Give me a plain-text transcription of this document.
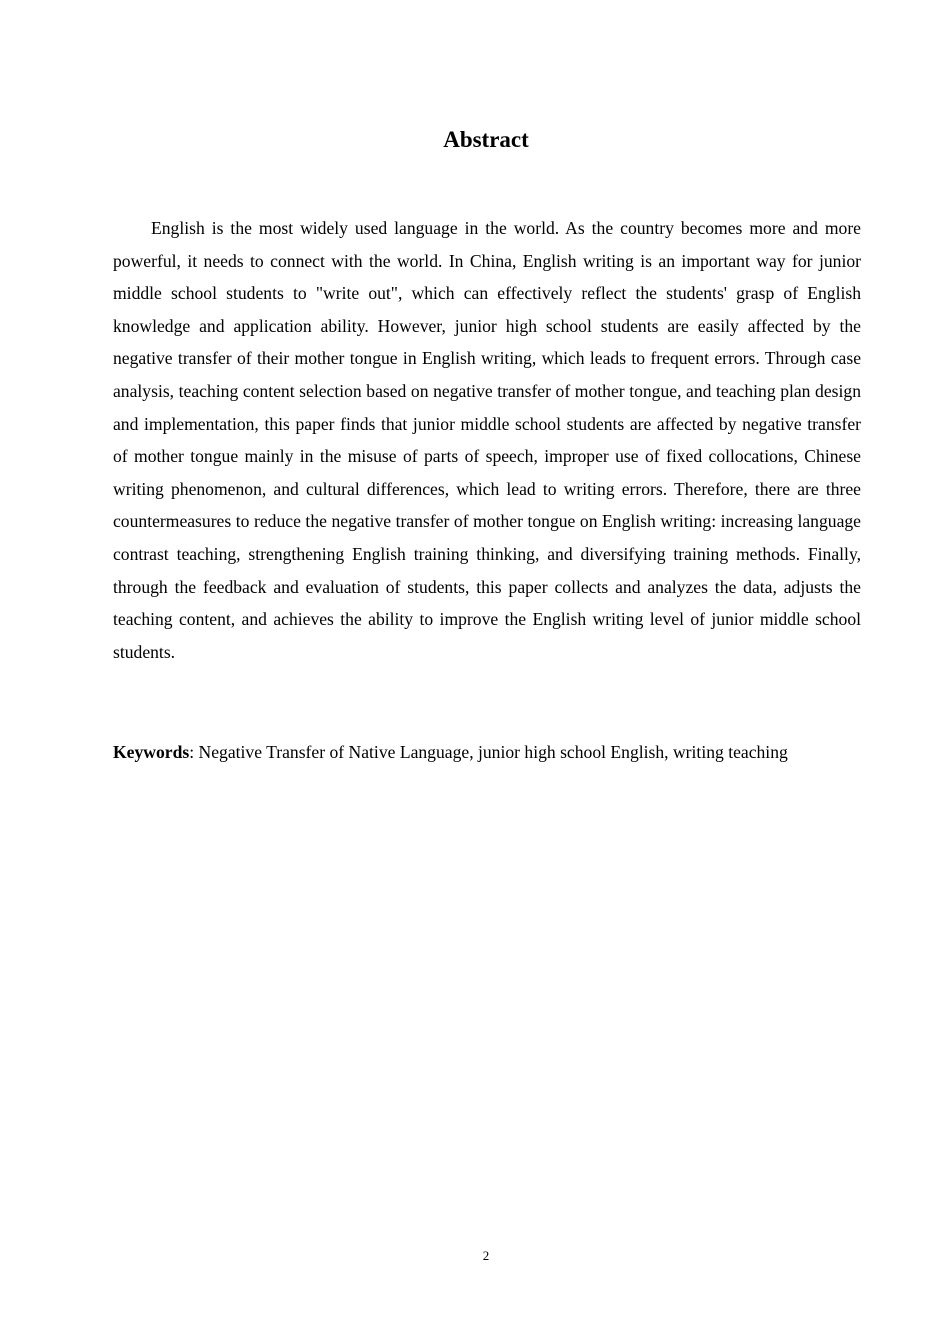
Abstract

English is the most widely used language in the world. As the country becomes more and more powerful, it needs to connect with the world. In China, English writing is an important way for junior middle school students to "write out", which can effectively reflect the students' grasp of English knowledge and application ability. However, junior high school students are easily affected by the negative transfer of their mother tongue in English writing, which leads to frequent errors. Through case analysis, teaching content selection based on negative transfer of mother tongue, and teaching plan design and implementation, this paper finds that junior middle school students are affected by negative transfer of mother tongue mainly in the misuse of parts of speech, improper use of fixed collocations, Chinese writing phenomenon, and cultural differences, which lead to writing errors. Therefore, there are three countermeasures to reduce the negative transfer of mother tongue on English writing: increasing language contrast teaching, strengthening English training thinking, and diversifying training methods. Finally, through the feedback and evaluation of students, this paper collects and analyzes the data, adjusts the teaching content, and achieves the ability to improve the English writing level of junior middle school students.

Keywords: Negative Transfer of Native Language, junior high school English, writing teaching

2
